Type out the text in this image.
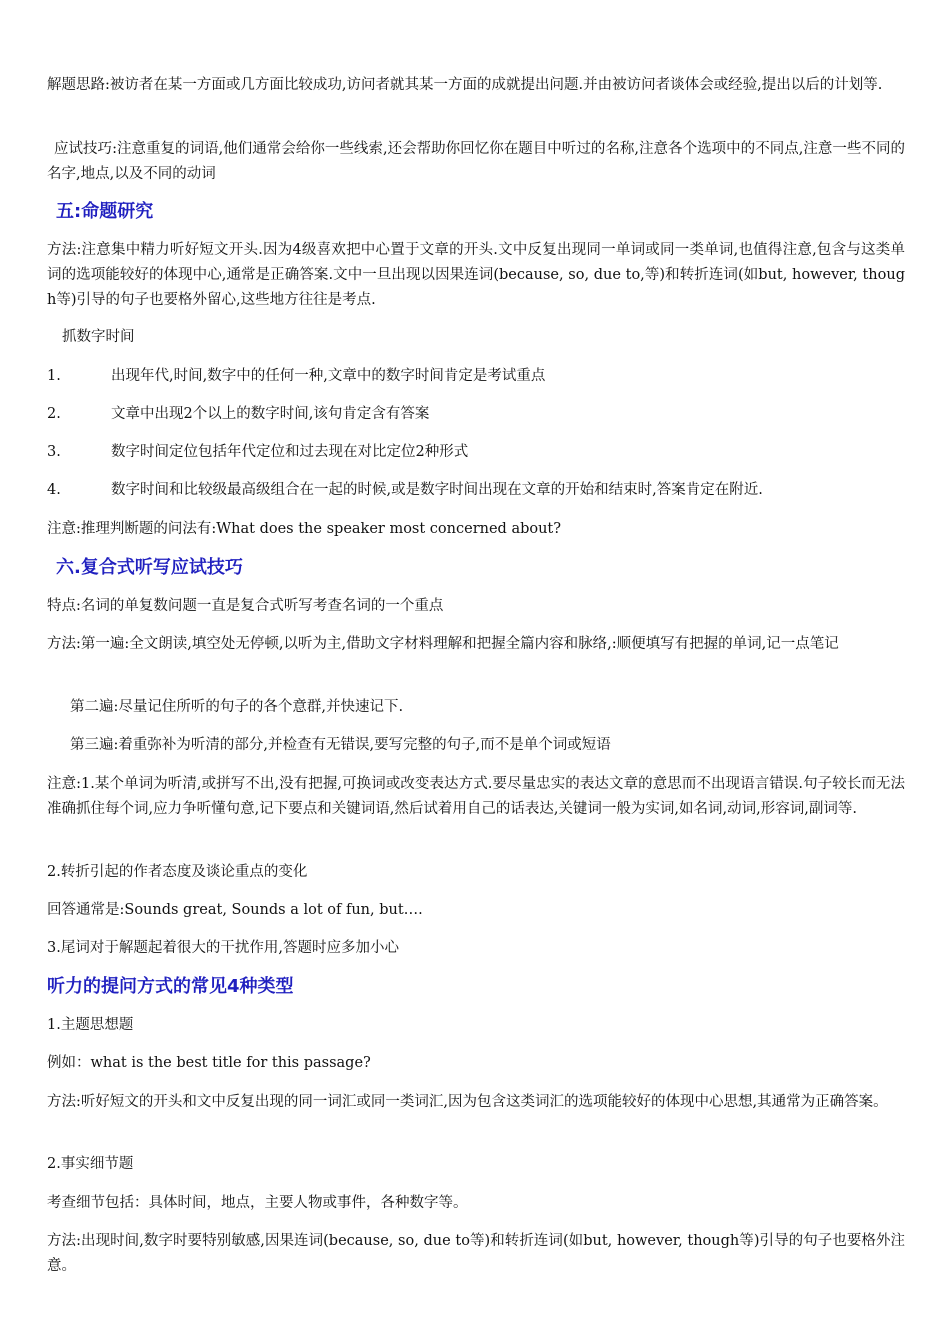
解题思路:被访者在某一方面或几方面比较成功,访问者就其某一方面的成就提出问题.并由被访问者谈体会或经验,提出以后的计划等.

应试技巧:注意重复的词语,他们通常会给你一些线索,还会帮助你回忆你在题目中听过的名称,注意各个选项中的不同点,注意一些不同的名字,地点,以及不同的动词

五:命题研究

方法:注意集中精力听好短文开头.因为4级喜欢把中心置于文章的开头.文中反复出现同一单词或同一类单词,也值得注意,包含与这类单词的选项能较好的体现中心,通常是正确答案.文中一旦出现以因果连词(because, so, due to,等)和转折连词(如but, however, though等)引导的句子也要格外留心,这些地方往往是考点.

抓数字时间

1.	出现年代,时间,数字中的任何一种,文章中的数字时间肯定是考试重点
2.	文章中出现2个以上的数字时间,该句肯定含有答案
3.	数字时间定位包括年代定位和过去现在对比定位2种形式
4.	数字时间和比较级最高级组合在一起的时候,或是数字时间出现在文章的开始和结束时,答案肯定在附近.

注意:推理判断题的问法有:What does the speaker most concerned about?

六.复合式听写应试技巧

特点:名词的单复数问题一直是复合式听写考查名词的一个重点

方法:第一遍:全文朗读,填空处无停顿,以听为主,借助文字材料理解和把握全篇内容和脉络,:顺便填写有把握的单词,记一点笔记

第二遍:尽量记住所听的句子的各个意群,并快速记下.

第三遍:着重弥补为听清的部分,并检查有无错误,要写完整的句子,而不是单个词或短语

注意:1.某个单词为听清,或拼写不出,没有把握,可换词或改变表达方式.要尽量忠实的表达文章的意思而不出现语言错误.句子较长而无法准确抓住每个词,应力争听懂句意,记下要点和关键词语,然后试着用自己的话表达,关键词一般为实词,如名词,动词,形容词,副词等.

2.转折引起的作者态度及谈论重点的变化

回答通常是:Sounds great, Sounds a lot of fun, but….

3.尾词对于解题起着很大的干扰作用,答题时应多加小心

听力的提问方式的常见4种类型

1.主题思想题

例如：what is the best title for this passage?

方法:听好短文的开头和文中反复出现的同一词汇或同一类词汇,因为包含这类词汇的选项能较好的体现中心思想,其通常为正确答案。

2.事实细节题

考查细节包括：具体时间，地点，主要人物或事件，各种数字等。

方法:出现时间,数字时要特别敏感,因果连词(because, so, due to等)和转折连词(如but, however, though等)引导的句子也要格外注意。
